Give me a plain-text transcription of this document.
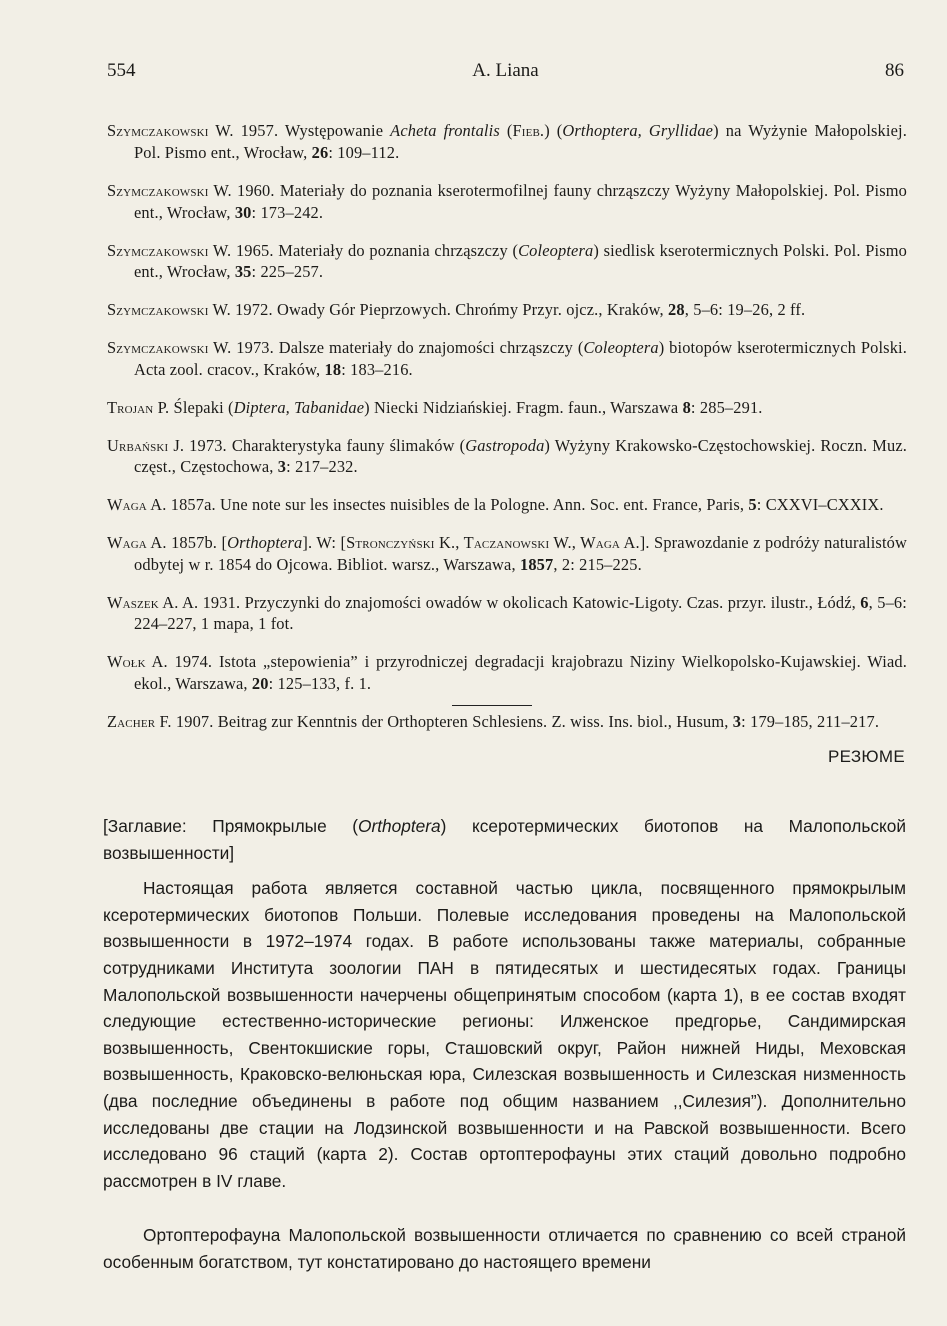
554	A. Liana	86

Szymczakowski W. 1957. Występowanie Acheta frontalis (Fieb.) (Orthoptera, Gryllidae) na Wyżynie Małopolskiej. Pol. Pismo ent., Wrocław, 26: 109–112.

Szymczakowski W. 1960. Materiały do poznania kserotermofilnej fauny chrząszczy Wyżyny Małopolskiej. Pol. Pismo ent., Wrocław, 30: 173–242.

Szymczakowski W. 1965. Materiały do poznania chrząszczy (Coleoptera) siedlisk kserotermicznych Polski. Pol. Pismo ent., Wrocław, 35: 225–257.

Szymczakowski W. 1972. Owady Gór Pieprzowych. Chrońmy Przyr. ojcz., Kraków, 28, 5–6: 19–26, 2 ff.

Szymczakowski W. 1973. Dalsze materiały do znajomości chrząszczy (Coleoptera) biotopów kserotermicznych Polski. Acta zool. cracov., Kraków, 18: 183–216.

Trojan P. Ślepaki (Diptera, Tabanidae) Niecki Nidziańskiej. Fragm. faun., Warszawa 8: 285–291.

Urbański J. 1973. Charakterystyka fauny ślimaków (Gastropoda) Wyżyny Krakowsko-Częstochowskiej. Roczn. Muz. częst., Częstochowa, 3: 217–232.

Waga A. 1857a. Une note sur les insectes nuisibles de la Pologne. Ann. Soc. ent. France, Paris, 5: CXXVI–CXXIX.

Waga A. 1857b. [Orthoptera]. W: [Stronczyński K., Taczanowski W., Waga A.]. Sprawozdanie z podróży naturalistów odbytej w r. 1854 do Ojcowa. Bibliot. warsz., Warszawa, 1857, 2: 215–225.

Waszek A. A. 1931. Przyczynki do znajomości owadów w okolicach Katowic-Ligoty. Czas. przyr. ilustr., Łódź, 6, 5–6: 224–227, 1 mapa, 1 fot.

Wołk A. 1974. Istota „stepowienia” i przyrodniczej degradacji krajobrazu Niziny Wielkopolsko-Kujawskiej. Wiad. ekol., Warszawa, 20: 125–133, f. 1.

Zacher F. 1907. Beitrag zur Kenntnis der Orthopteren Schlesiens. Z. wiss. Ins. biol., Husum, 3: 179–185, 211–217.

РЕЗЮМЕ

[Заглавие: Прямокрылые (Orthoptera) ксеротермических биотопов на Малопольской возвышенности]

Настоящая работа является составной частью цикла, посвященного прямокрылым ксеротермических биотопов Польши. Полевые исследования проведены на Малопольской возвышенности в 1972–1974 годах. В работе использованы также материалы, собранные сотрудниками Института зоологии ПАН в пятидесятых и шестидесятых годах. Границы Малопольской возвышенности начерчены общепринятым способом (карта 1), в ее состав входят следующие естественно-исторические регионы: Илженское предгорье, Сандимирская возвышенность, Свентокшиские горы, Сташовский округ, Район нижней Ниды, Меховская возвышенность, Краковско-велюньская юра, Силезская возвышенность и Силезская низменность (два последние объединены в работе под общим названием ,,Силезия”). Дополнительно исследованы две стации на Лодзинской возвышенности и на Равской возвышенности. Всего исследовано 96 стаций (карта 2). Состав ортоптерофауны этих стаций довольно подробно рассмотрен в IV главе.

Ортоптерофауна Малопольской возвышенности отличается по сравнению со всей страной особенным богатством, тут констатировано до настоящего времени
